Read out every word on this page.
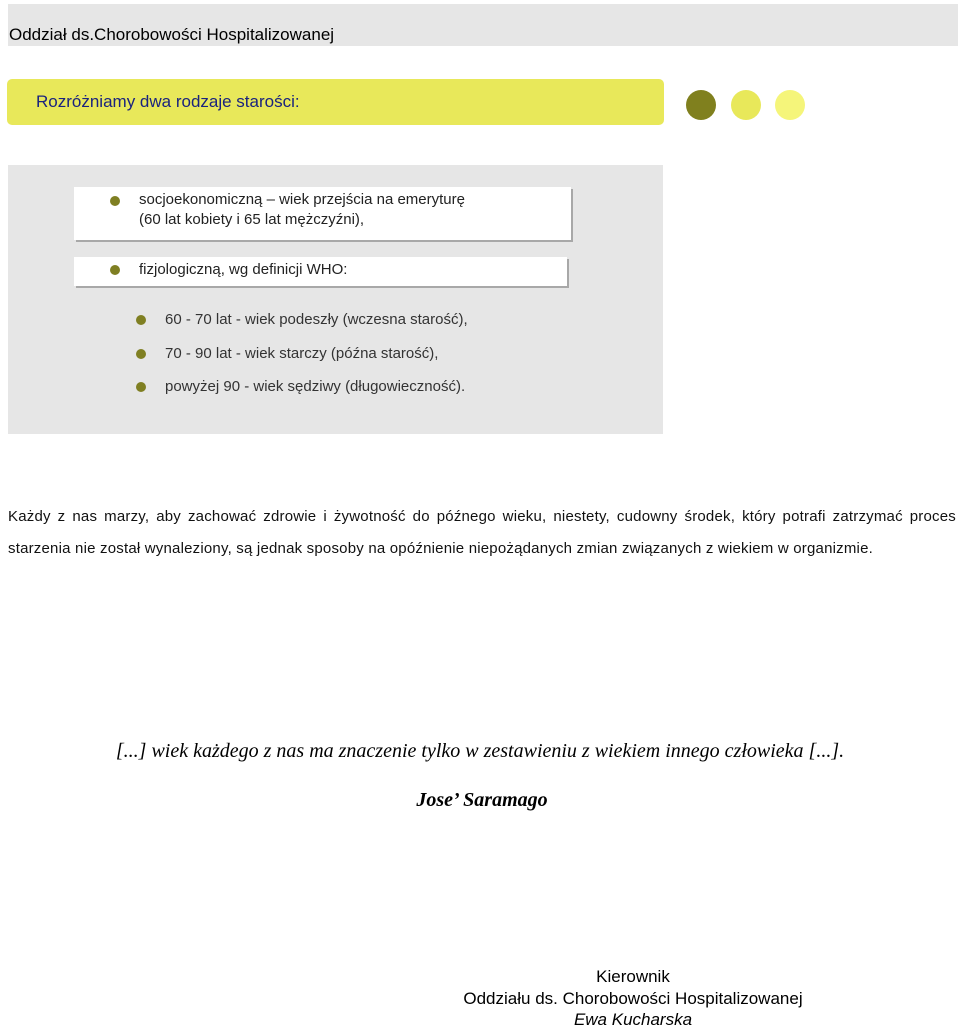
Oddział ds.Chorobowości Hospitalizowanej
Rozróżniamy dwa rodzaje starości:
socjoekonomiczną – wiek przejścia na emeryturę
(60 lat kobiety i 65 lat mężczyźni),
fizjologiczną, wg definicji WHO:
60 - 70 lat - wiek podeszły (wczesna starość),
70 - 90 lat - wiek starczy (późna starość),
powyżej 90 - wiek sędziwy (długowieczność).
Każdy z nas marzy, aby zachować zdrowie i żywotność do późnego wieku, niestety, cudowny środek, który potrafi zatrzymać proces starzenia nie został wynaleziony, są jednak sposoby na opóźnienie niepożądanych zmian związanych z wiekiem w organizmie.
[...] wiek każdego z nas ma znaczenie tylko w zestawieniu z wiekiem innego człowieka [...].
Jose’ Saramago
Kierownik
Oddziału ds. Chorobowości Hospitalizowanej
Ewa Kucharska
